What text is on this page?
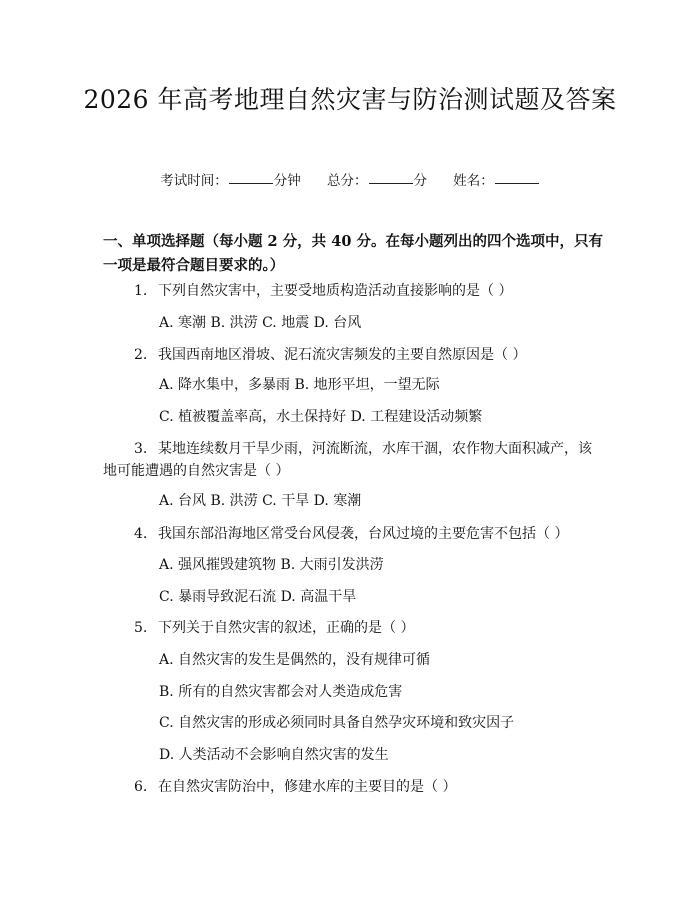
2026 年高考地理自然灾害与防治测试题及答案
考试时间：	分钟 总分：	分 姓名：
一、单项选择题（每小题 2 分，共 40 分。在每小题列出的四个选项中，只有一项是最符合题目要求的。）
1. 下列自然灾害中，主要受地质构造活动直接影响的是（ ）
A. 寒潮 B. 洪涝 C. 地震 D. 台风
2. 我国西南地区滑坡、泥石流灾害频发的主要自然原因是（ ）
A. 降水集中，多暴雨 B. 地形平坦，一望无际
C. 植被覆盖率高，水土保持好 D. 工程建设活动频繁
3. 某地连续数月干旱少雨，河流断流，水库干涸，农作物大面积减产，该地可能遭遇的自然灾害是（ ）
A. 台风 B. 洪涝 C. 干旱 D. 寒潮
4. 我国东部沿海地区常受台风侵袭，台风过境的主要危害不包括（ ）
A. 强风摧毁建筑物 B. 大雨引发洪涝
C. 暴雨导致泥石流 D. 高温干旱
5. 下列关于自然灾害的叙述，正确的是（ ）
A. 自然灾害的发生是偶然的，没有规律可循
B. 所有的自然灾害都会对人类造成危害
C. 自然灾害的形成必须同时具备自然孕灾环境和致灾因子
D. 人类活动不会影响自然灾害的发生
6. 在自然灾害防治中，修建水库的主要目的是（ ）
